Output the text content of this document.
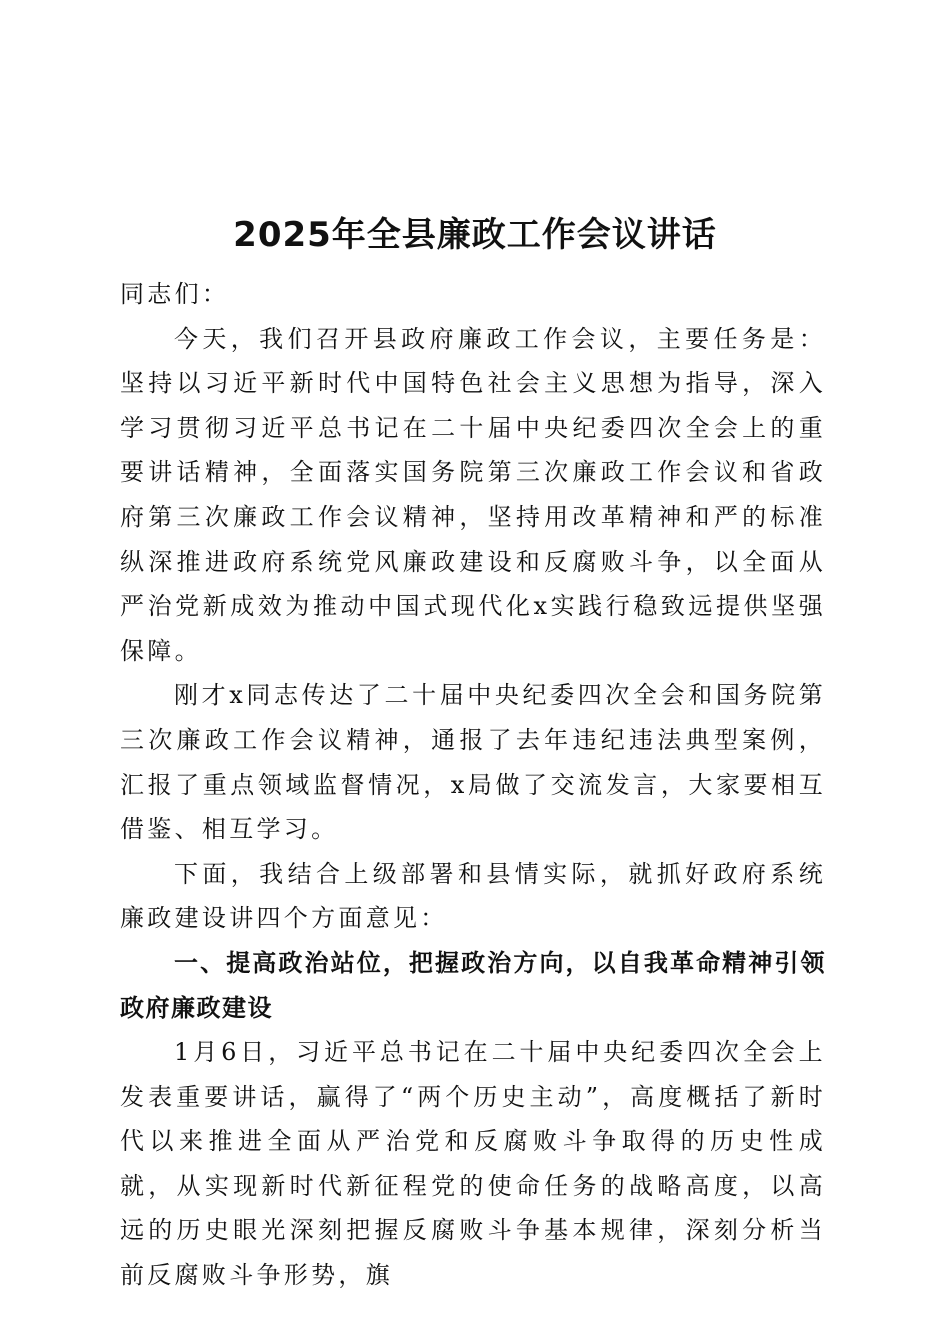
2025年全县廉政工作会议讲话

同志们：

今天，我们召开县政府廉政工作会议，主要任务是：坚持以习近平新时代中国特色社会主义思想为指导，深入学习贯彻习近平总书记在二十届中央纪委四次全会上的重要讲话精神，全面落实国务院第三次廉政工作会议和省政府第三次廉政工作会议精神，坚持用改革精神和严的标准纵深推进政府系统党风廉政建设和反腐败斗争，以全面从严治党新成效为推动中国式现代化x实践行稳致远提供坚强保障。

刚才x同志传达了二十届中央纪委四次全会和国务院第三次廉政工作会议精神，通报了去年违纪违法典型案例，汇报了重点领域监督情况，x局做了交流发言，大家要相互借鉴、相互学习。

下面，我结合上级部署和县情实际，就抓好政府系统廉政建设讲四个方面意见：

一、提高政治站位，把握政治方向，以自我革命精神引领政府廉政建设

1月6日，习近平总书记在二十届中央纪委四次全会上发表重要讲话，赢得了“两个历史主动”，高度概括了新时代以来推进全面从严治党和反腐败斗争取得的历史性成就，从实现新时代新征程党的使命任务的战略高度，以高远的历史眼光深刻把握反腐败斗争基本规律，深刻分析当前反腐败斗争形势，旗
